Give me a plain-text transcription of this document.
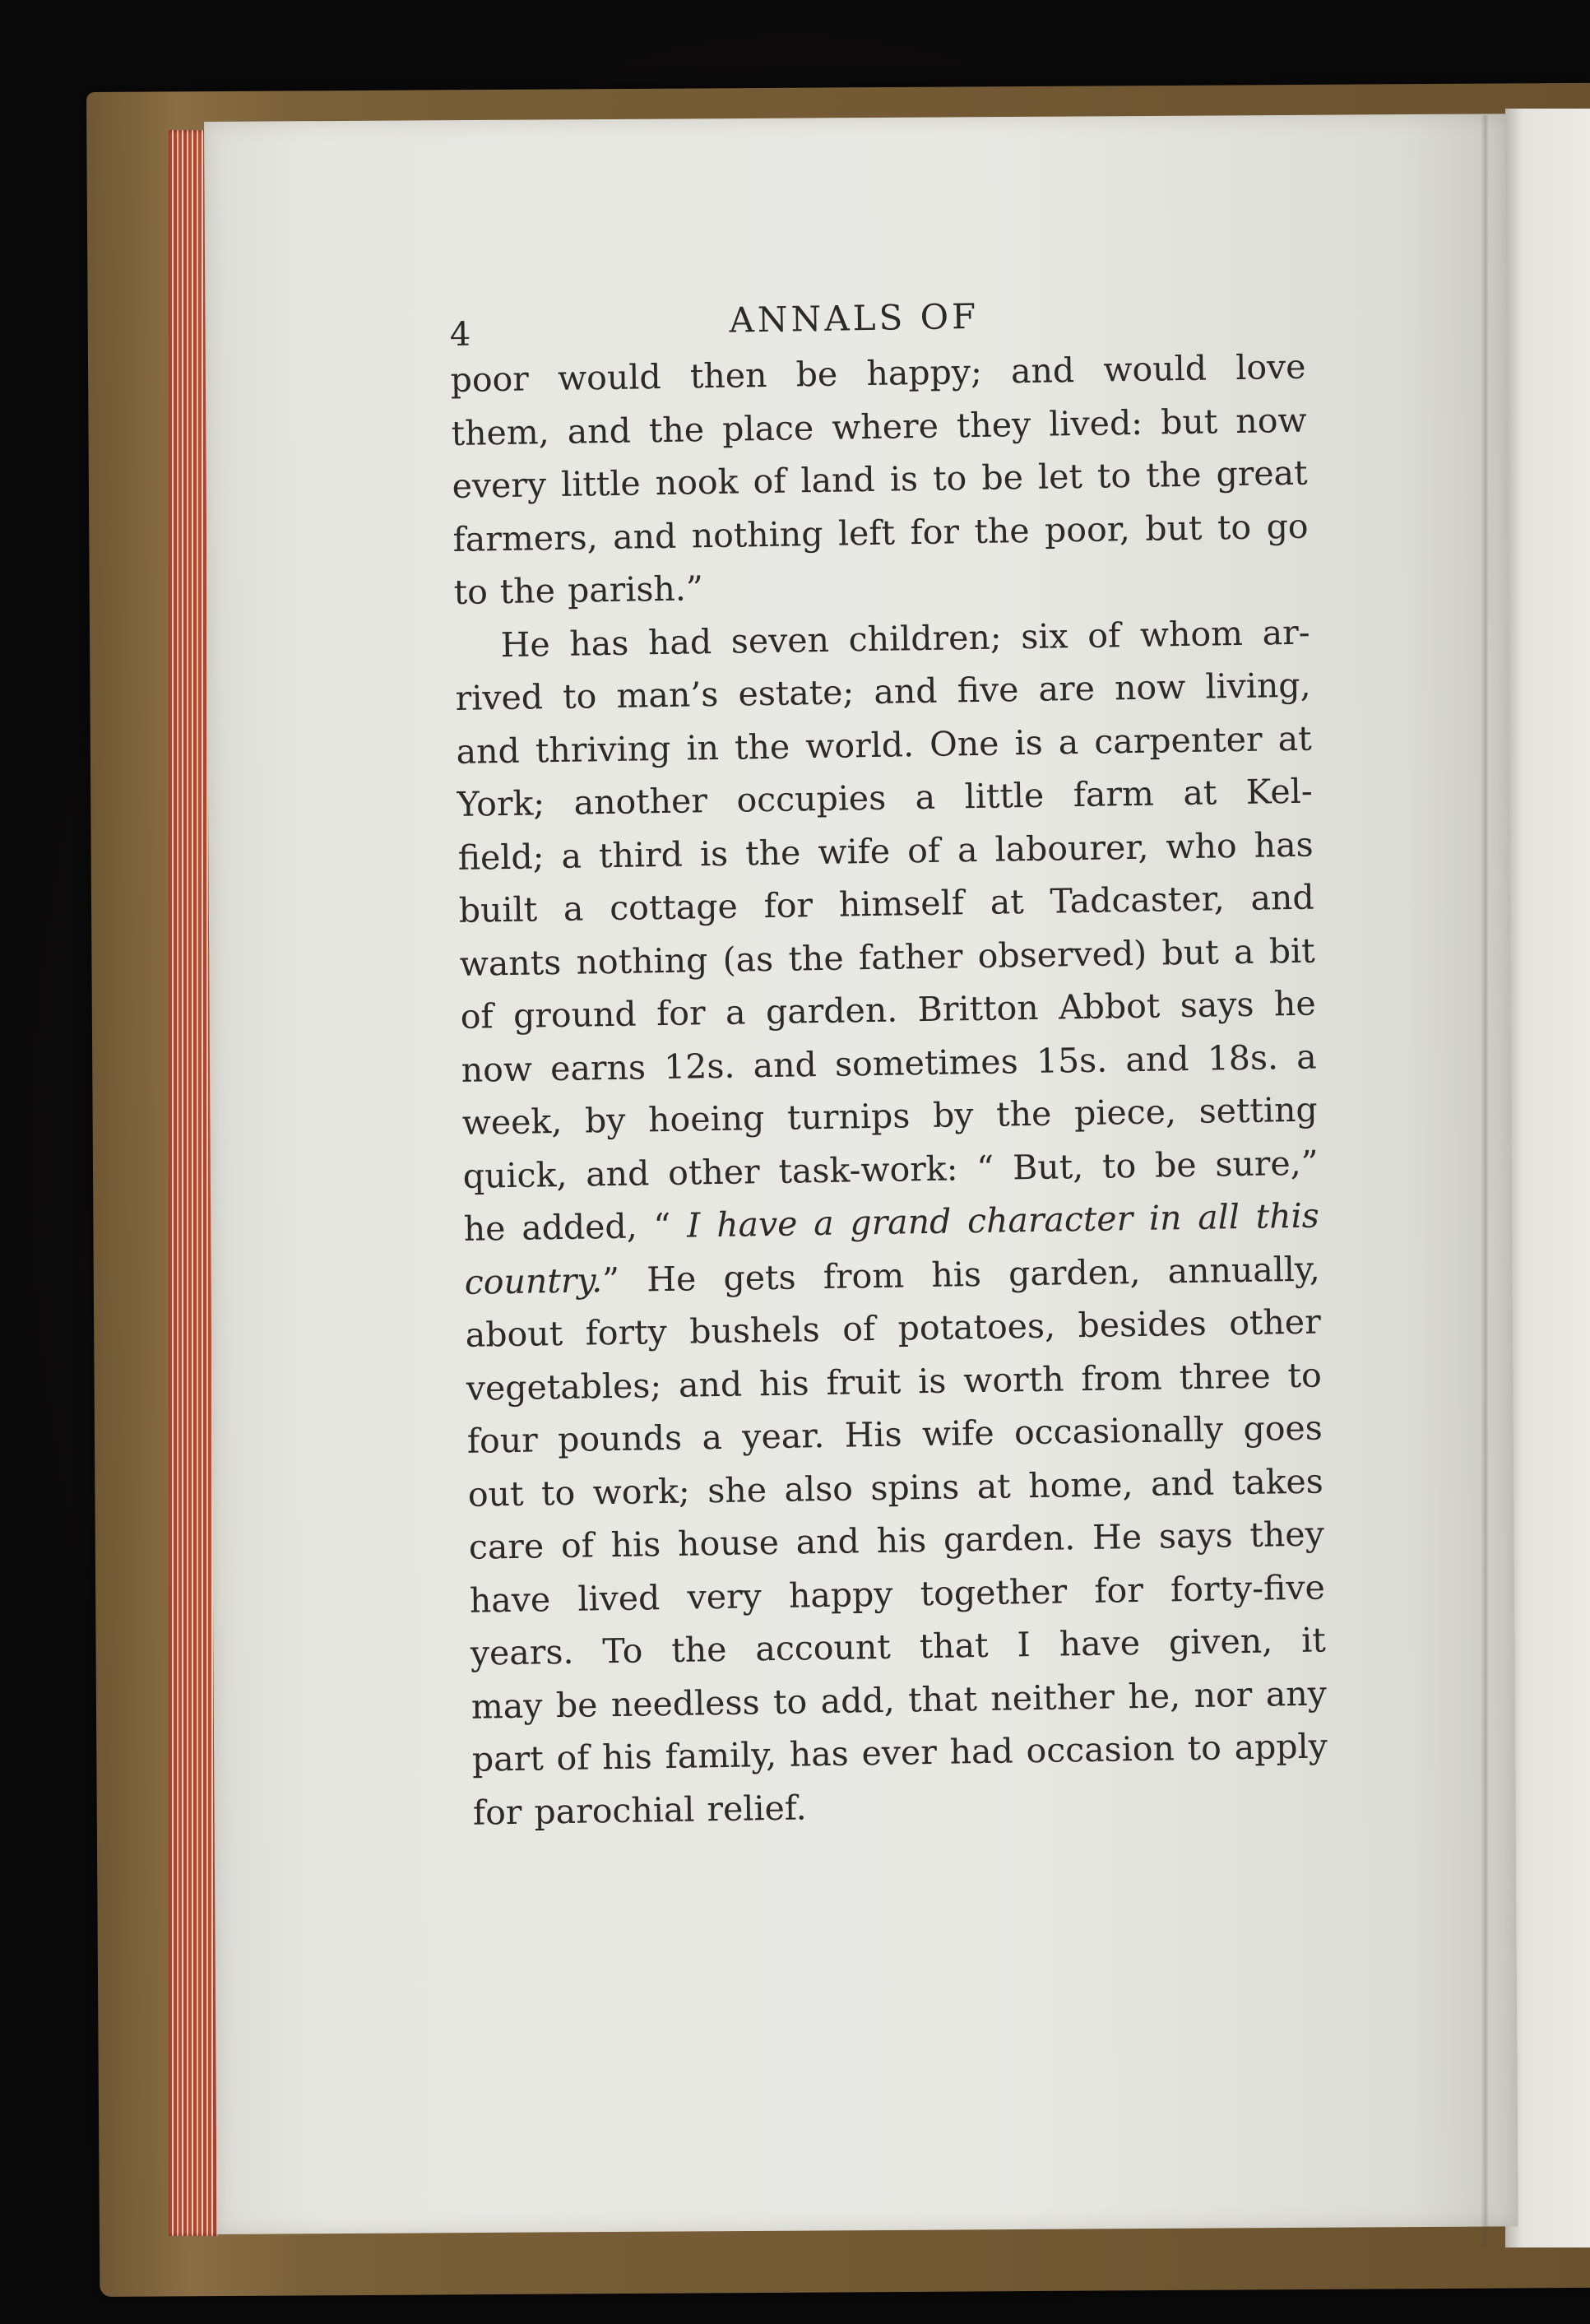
4	ANNALS OF
poor would then be happy; and would love
them, and the place where they lived: but now
every little nook of land is to be let to the great
farmers, and nothing left for the poor, but to go
to the parish.”
He has had seven children; six of whom ar-
rived to man’s estate; and five are now living,
and thriving in the world. One is a carpenter at
York; another occupies a little farm at Kel-
field; a third is the wife of a labourer, who has
built a cottage for himself at Tadcaster, and
wants nothing (as the father observed) but a bit
of ground for a garden. Britton Abbot says he
now earns 12s. and sometimes 15s. and 18s. a
week, by hoeing turnips by the piece, setting
quick, and other task-work: “ But, to be sure,”
he added, “ I have a grand character in all this
country.” He gets from his garden, annually,
about forty bushels of potatoes, besides other
vegetables; and his fruit is worth from three to
four pounds a year. His wife occasionally goes
out to work; she also spins at home, and takes
care of his house and his garden. He says they
have lived very happy together for forty-five
years. To the account that I have given, it
may be needless to add, that neither he, nor any
part of his family, has ever had occasion to apply
for parochial relief.
